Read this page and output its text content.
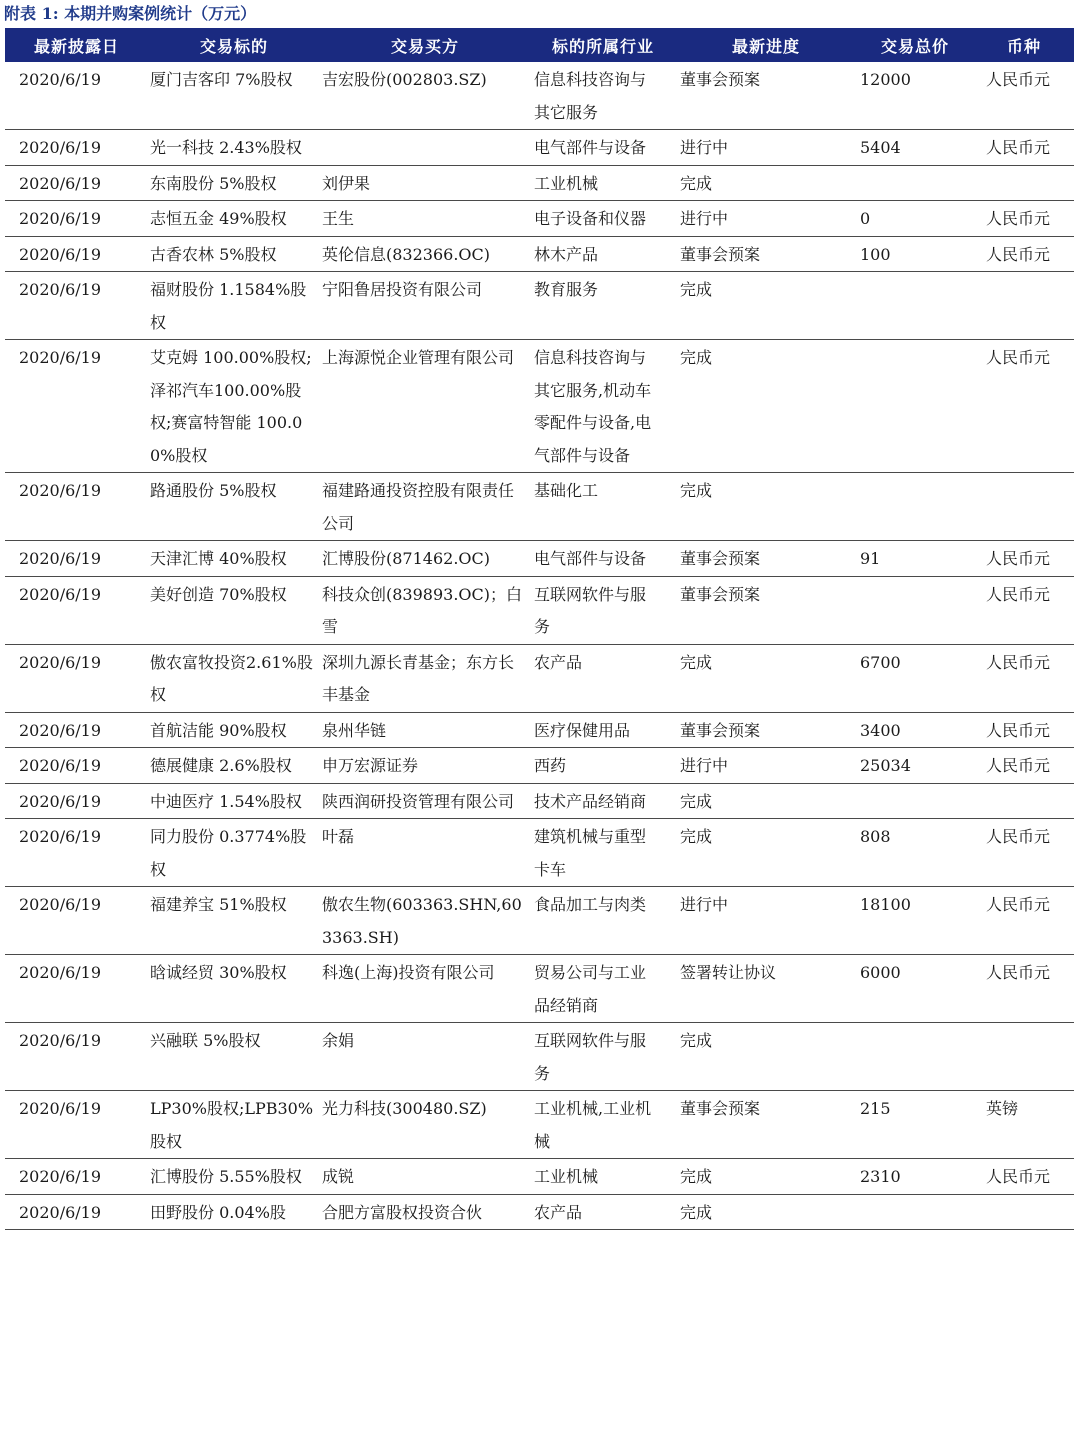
附表 1: 本期并购案例统计（万元）
最新披露日	交易标的	交易买方	标的所属行业	最新进度	交易总价	币种
2020/6/19	厦门吉客印 7%股权	吉宏股份(002803.SZ)	信息科技咨询与其它服务	董事会预案	12000	人民币元
2020/6/19	光一科技 2.43%股权		电气部件与设备	进行中	5404	人民币元
2020/6/19	东南股份 5%股权	刘伊果	工业机械	完成		
2020/6/19	志恒五金 49%股权	王生	电子设备和仪器	进行中	0	人民币元
2020/6/19	古香农林 5%股权	英伦信息(832366.OC)	林木产品	董事会预案	100	人民币元
2020/6/19	福财股份 1.1584%股权	宁阳鲁居投资有限公司	教育服务	完成		
2020/6/19	艾克姆 100.00%股权;泽祁汽车100.00%股权;赛富特智能 100.00%股权	上海源悦企业管理有限公司	信息科技咨询与其它服务,机动车零配件与设备,电气部件与设备	完成		人民币元
2020/6/19	路通股份 5%股权	福建路通投资控股有限责任公司	基础化工	完成		
2020/6/19	天津汇博 40%股权	汇博股份(871462.OC)	电气部件与设备	董事会预案	91	人民币元
2020/6/19	美好创造 70%股权	科技众创(839893.OC)；白雪	互联网软件与服务	董事会预案		人民币元
2020/6/19	傲农富牧投资2.61%股权	深圳九源长青基金；东方长丰基金	农产品	完成	6700	人民币元
2020/6/19	首航洁能 90%股权	泉州华链	医疗保健用品	董事会预案	3400	人民币元
2020/6/19	德展健康 2.6%股权	申万宏源证券	西药	进行中	25034	人民币元
2020/6/19	中迪医疗 1.54%股权	陕西润研投资管理有限公司	技术产品经销商	完成		
2020/6/19	同力股份 0.3774%股权	叶磊	建筑机械与重型卡车	完成	808	人民币元
2020/6/19	福建养宝 51%股权	傲农生物(603363.SHN,603363.SH)	食品加工与肉类	进行中	18100	人民币元
2020/6/19	晗诚经贸 30%股权	科逸(上海)投资有限公司	贸易公司与工业品经销商	签署转让协议	6000	人民币元
2020/6/19	兴融联 5%股权	余娟	互联网软件与服务	完成		
2020/6/19	LP30%股权;LPB30%股权	光力科技(300480.SZ)	工业机械,工业机械	董事会预案	215	英镑
2020/6/19	汇博股份 5.55%股权	成锐	工业机械	完成	2310	人民币元
2020/6/19	田野股份 0.04%股	合肥方富股权投资合伙	农产品	完成		
